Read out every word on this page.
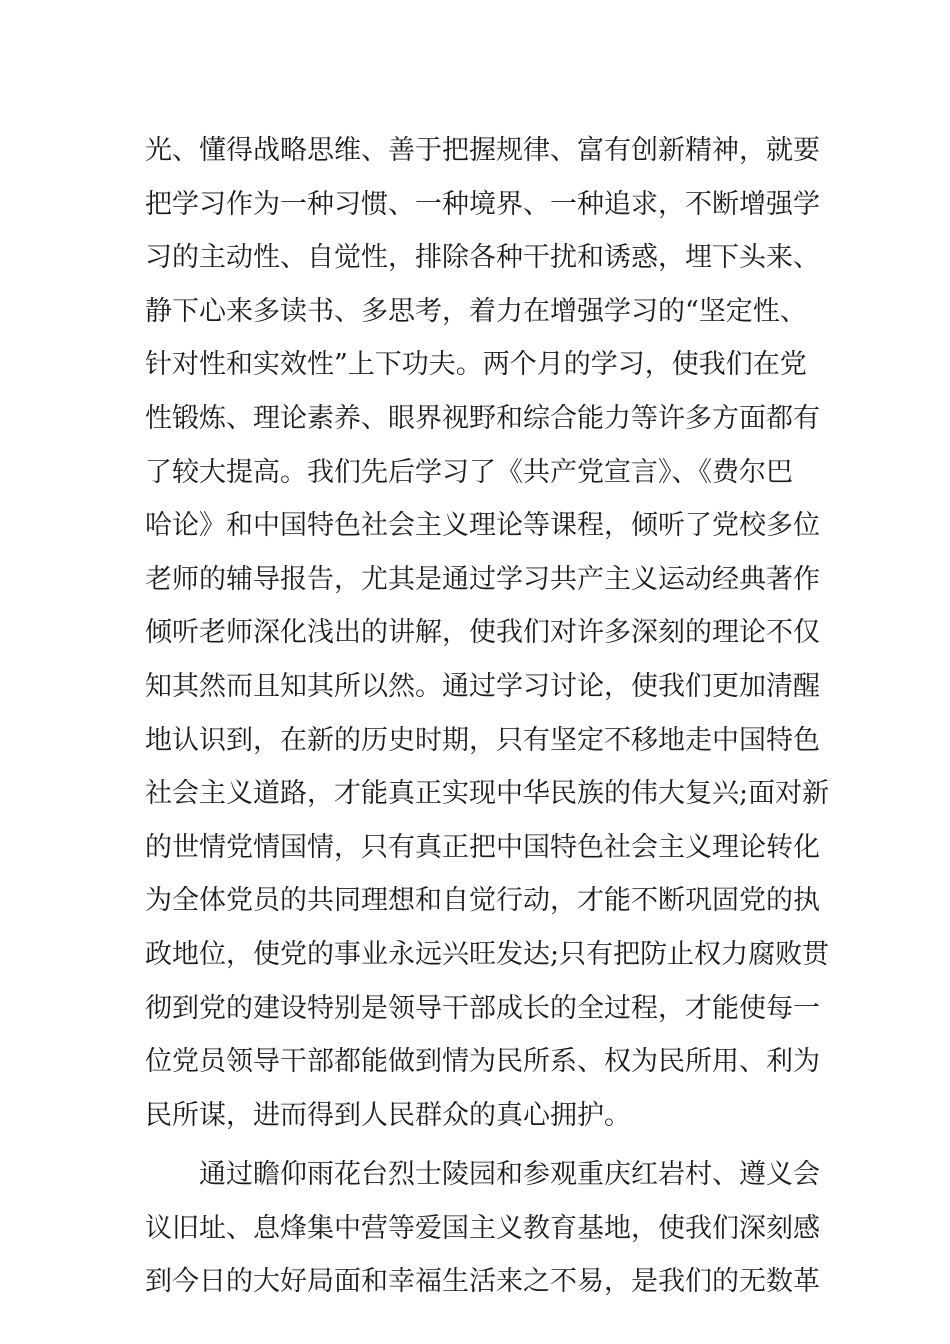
光、懂得战略思维、善于把握规律、富有创新精神，就要
把学习作为一种习惯、一种境界、一种追求，不断增强学
习的主动性、自觉性，排除各种干扰和诱惑，埋下头来、
静下心来多读书、多思考，着力在增强学习的“坚定性、
针对性和实效性”上下功夫。两个月的学习，使我们在党
性锻炼、理论素养、眼界视野和综合能力等许多方面都有
了较大提高。我们先后学习了《共产党宣言》、《费尔巴
哈论》和中国特色社会主义理论等课程，倾听了党校多位
老师的辅导报告，尤其是通过学习共产主义运动经典著作
倾听老师深化浅出的讲解，使我们对许多深刻的理论不仅
知其然而且知其所以然。通过学习讨论，使我们更加清醒
地认识到，在新的历史时期，只有坚定不移地走中国特色
社会主义道路，才能真正实现中华民族的伟大复兴;面对新
的世情党情国情，只有真正把中国特色社会主义理论转化
为全体党员的共同理想和自觉行动，才能不断巩固党的执
政地位，使党的事业永远兴旺发达;只有把防止权力腐败贯
彻到党的建设特别是领导干部成长的全过程，才能使每一
位党员领导干部都能做到情为民所系、权为民所用、利为
民所谋，进而得到人民群众的真心拥护。
　　通过瞻仰雨花台烈士陵园和参观重庆红岩村、遵义会
议旧址、息烽集中营等爱国主义教育基地，使我们深刻感
到今日的大好局面和幸福生活来之不易，是我们的无数革
